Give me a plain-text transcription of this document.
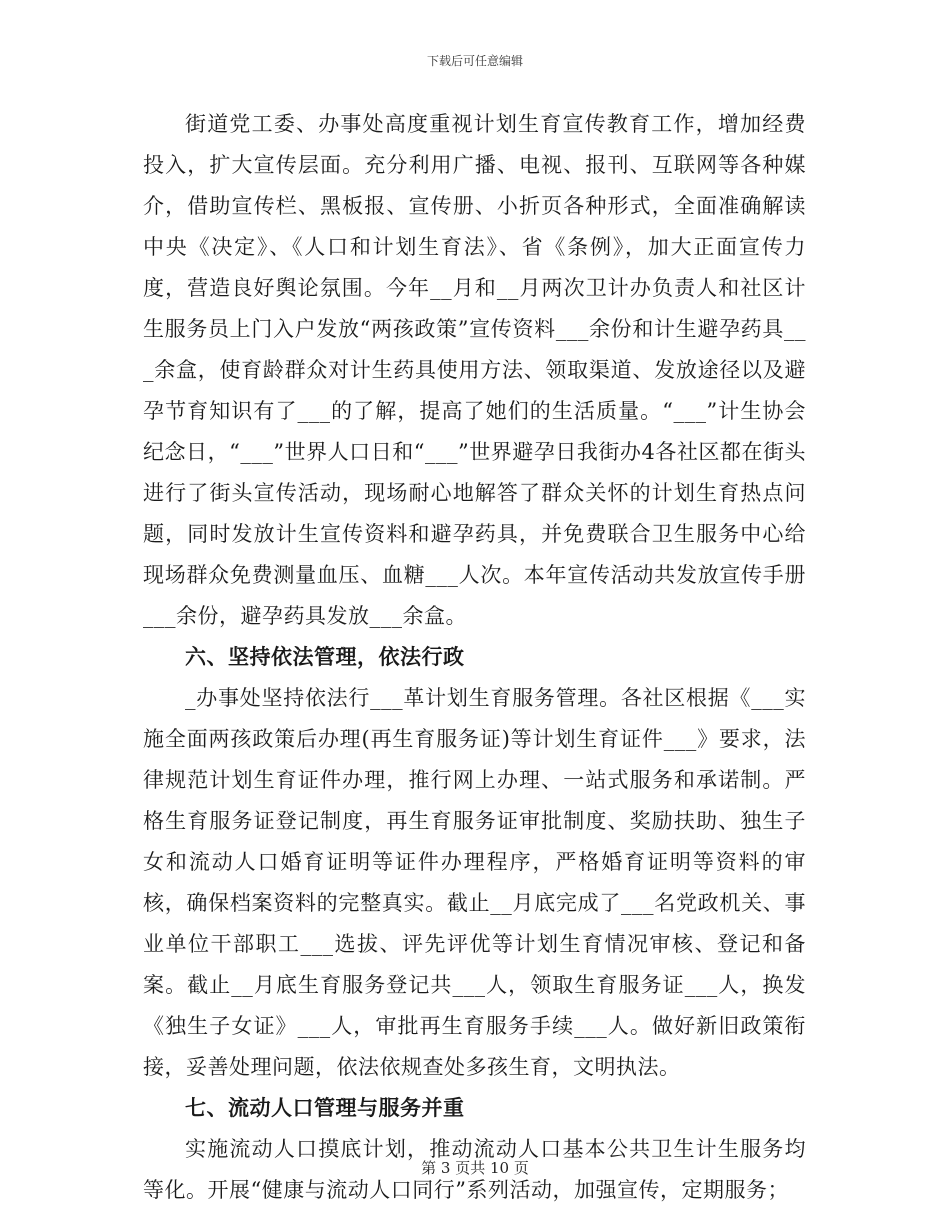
下载后可任意编辑

街道党工委、办事处高度重视计划生育宣传教育工作，增加经费投入，扩大宣传层面。充分利用广播、电视、报刊、互联网等各种媒介，借助宣传栏、黑板报、宣传册、小折页各种形式，全面准确解读中央《决定》、《人口和计划生育法》、省《条例》，加大正面宣传力度，营造良好舆论氛围。今年__月和__月两次卫计办负责人和社区计生服务员上门入户发放“两孩政策”宣传资料___余份和计生避孕药具___余盒，使育龄群众对计生药具使用方法、领取渠道、发放途径以及避孕节育知识有了___的了解，提高了她们的生活质量。“___”计生协会纪念日，“___”世界人口日和“___”世界避孕日我街办4各社区都在街头进行了街头宣传活动，现场耐心地解答了群众关怀的计划生育热点问题，同时发放计生宣传资料和避孕药具，并免费联合卫生服务中心给现场群众免费测量血压、血糖___人次。本年宣传活动共发放宣传手册___余份，避孕药具发放___余盒。

六、坚持依法管理，依法行政

_办事处坚持依法行___革计划生育服务管理。各社区根据《___实施全面两孩政策后办理(再生育服务证)等计划生育证件___》要求，法律规范计划生育证件办理，推行网上办理、一站式服务和承诺制。严格生育服务证登记制度，再生育服务证审批制度、奖励扶助、独生子女和流动人口婚育证明等证件办理程序，严格婚育证明等资料的审核，确保档案资料的完整真实。截止__月底完成了___名党政机关、事业单位干部职工___选拔、评先评优等计划生育情况审核、登记和备案。截止__月底生育服务登记共___人，领取生育服务证___人，换发《独生子女证》___人，审批再生育服务手续___人。做好新旧政策衔接，妥善处理问题，依法依规查处多孩生育，文明执法。

七、流动人口管理与服务并重

实施流动人口摸底计划，推动流动人口基本公共卫生计生服务均等化。开展“健康与流动人口同行”系列活动，加强宣传，定期服务；

第 3 页共 10 页
